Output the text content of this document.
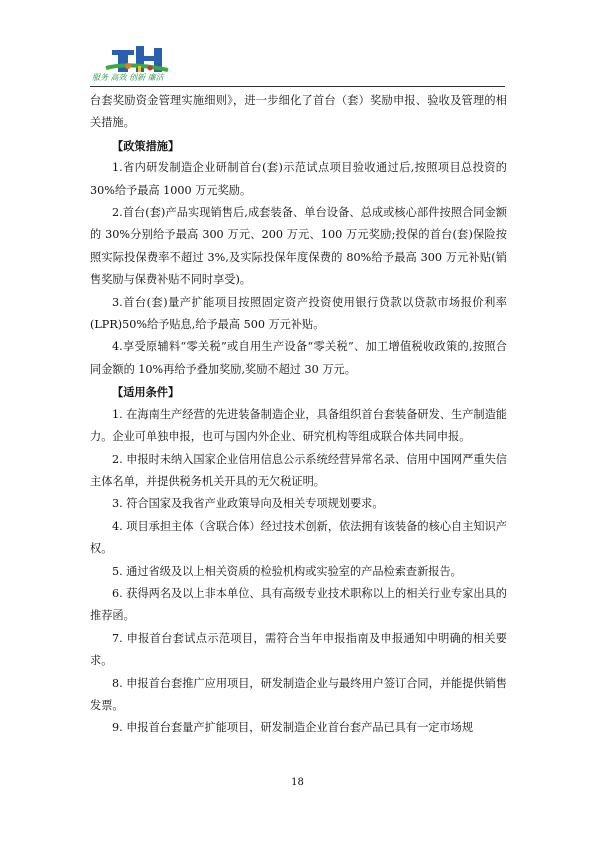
服务 高效 创新 廉洁

台套奖励资金管理实施细则》，进一步细化了首台（套）奖励申报、验收及管理的相关措施。

【政策措施】

1.省内研发制造企业研制首台(套)示范试点项目验收通过后,按照项目总投资的 30%给予最高 1000 万元奖励。

2.首台(套)产品实现销售后,成套装备、单台设备、总成或核心部件按照合同金额的 30%分别给予最高 300 万元、200 万元、100 万元奖励;投保的首台(套)保险按照实际投保费率不超过 3%,及实际投保年度保费的 80%给予最高 300 万元补贴(销售奖励与保费补贴不同时享受)。

3.首台(套)量产扩能项目按照固定资产投资使用银行贷款以贷款市场报价利率(LPR)50%给予贴息,给予最高 500 万元补贴。

4.享受原辅料“零关税”或自用生产设备“零关税”、加工增值税收政策的,按照合同金额的 10%再给予叠加奖励,奖励不超过 30 万元。

【适用条件】

1. 在海南生产经营的先进装备制造企业，具备组织首台套装备研发、生产制造能力。企业可单独申报，也可与国内外企业、研究机构等组成联合体共同申报。

2. 申报时未纳入国家企业信用信息公示系统经营异常名录、信用中国网严重失信主体名单，并提供税务机关开具的无欠税证明。

3. 符合国家及我省产业政策导向及相关专项规划要求。

4. 项目承担主体（含联合体）经过技术创新，依法拥有该装备的核心自主知识产权。

5. 通过省级及以上相关资质的检验机构或实验室的产品检索查新报告。

6. 获得两名及以上非本单位、具有高级专业技术职称以上的相关行业专家出具的推荐函。

7. 申报首台套试点示范项目，需符合当年申报指南及申报通知中明确的相关要求。

8. 申报首台套推广应用项目，研发制造企业与最终用户签订合同，并能提供销售发票。

9. 申报首台套量产扩能项目，研发制造企业首台套产品已具有一定市场规

18
